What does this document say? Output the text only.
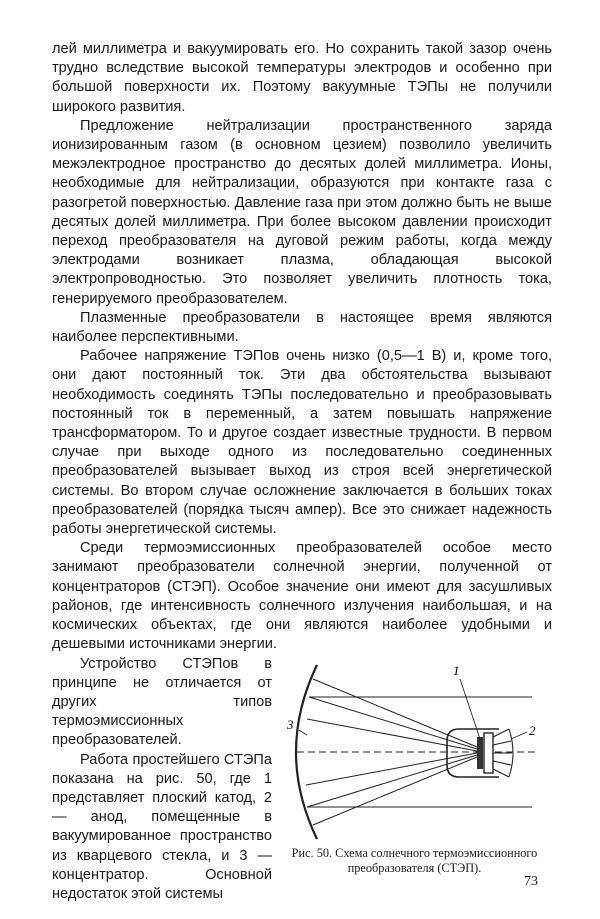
лей миллиметра и вакуумировать его. Но сохранить такой зазор очень трудно вследствие высокой температуры электродов и особенно при большой поверхности их. Поэтому вакуумные ТЭПы не получили широкого развития.

Предложение нейтрализации пространственного заряда ионизированным газом (в основном цезием) позволило увеличить межэлектродное пространство до десятых долей миллиметра. Ионы, необходимые для нейтрализации, образуются при контакте газа с разогретой поверхностью. Давление газа при этом должно быть не выше десятых долей миллиметра. При более высоком давлении происходит переход преобразователя на дуговой режим работы, когда между электродами возникает плазма, обладающая высокой электропроводностью. Это позволяет увеличить плотность тока, генерируемого преобразователем.

Плазменные преобразователи в настоящее время являются наиболее перспективными.

Рабочее напряжение ТЭПов очень низко (0,5—1 В) и, кроме того, они дают постоянный ток. Эти два обстоятельства вызывают необходимость соединять ТЭПы последовательно и преобразовывать постоянный ток в переменный, а затем повышать напряжение трансформатором. То и другое создает известные трудности. В первом случае при выходе одного из последовательно соединенных преобразователей вызывает выход из строя всей энергетической системы. Во втором случае осложнение заключается в больших токах преобразователей (порядка тысяч ампер). Все это снижает надежность работы энергетической системы.

Среди термоэмиссионных преобразователей особое место занимают преобразователи солнечной энергии, полученной от концентраторов (СТЭП). Особое значение они имеют для засушливых районов, где интенсивность солнечного излучения наибольшая, и на космических объектах, где они являются наиболее удобными и дешевыми источниками энергии.

Устройство СТЭПов в принципе не отличается от других типов термоэмиссионных преобразователей.

Работа простейшего СТЭПа показана на рис. 50, где 1 представляет плоский катод, 2 — анод, помещенные в вакуумированное пространство из кварцевого стекла, и 3 — концентратор. Основной недостаток этой системы

1
2
3
Рис. 50. Схема солнечного термоэмиссионного преобразователя (СТЭП).
73
